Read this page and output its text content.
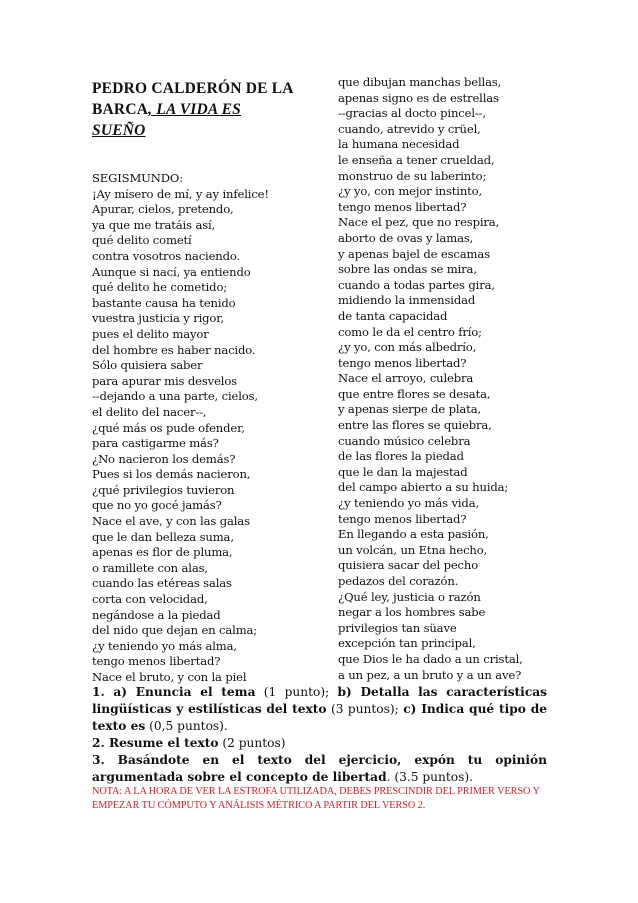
PEDRO CALDERÓN DE LA
BARCA, LA VIDA ES
SUEÑO
SEGISMUNDO:
¡Ay mísero de mí, y ay infelice!
Apurar, cielos, pretendo,
ya que me tratáis así,
qué delito cometí
contra vosotros naciendo.
Aunque si nací, ya entiendo
qué delito he cometido;
bastante causa ha tenido
vuestra justicia y rigor,
pues el delito mayor
del hombre es haber nacido.
Sólo quisiera saber
para apurar mis desvelos
--dejando a una parte, cielos,
el delito del nacer--,
¿qué más os pude ofender,
para castigarme más?
¿No nacieron los demás?
Pues si los demás nacieron,
¿qué privilegios tuvieron
que no yo gocé jamás?
Nace el ave, y con las galas
que le dan belleza suma,
apenas es flor de pluma,
o ramillete con alas,
cuando las etéreas salas
corta con velocidad,
negándose a la piedad
del nido que dejan en calma;
¿y teniendo yo más alma,
tengo menos libertad?
Nace el bruto, y con la piel
que dibujan manchas bellas,
apenas signo es de estrellas
--gracias al docto pincel--,
cuando, atrevido y crüel,
la humana necesidad
le enseña a tener crueldad,
monstruo de su laberinto;
¿y yo, con mejor instinto,
tengo menos libertad?
Nace el pez, que no respira,
aborto de ovas y lamas,
y apenas bajel de escamas
sobre las ondas se mira,
cuando a todas partes gira,
midiendo la inmensidad
de tanta capacidad
como le da el centro frío;
¿y yo, con más albedrío,
tengo menos libertad?
Nace el arroyo, culebra
que entre flores se desata,
y apenas sierpe de plata,
entre las flores se quiebra,
cuando músico celebra
de las flores la piedad
que le dan la majestad
del campo abierto a su huida;
¿y teniendo yo más vida,
tengo menos libertad?
En llegando a esta pasión,
un volcán, un Etna hecho,
quisiera sacar del pecho
pedazos del corazón.
¿Qué ley, justicia o razón
negar a los hombres sabe
privilegios tan süave
excepción tan principal,
que Dios le ha dado a un cristal,
a un pez, a un bruto y a un ave?

1. a) Enuncia el tema (1 punto); b) Detalla las características lingüísticas y estilísticas del texto (3 puntos); c) Indica qué tipo de texto es (0,5 puntos).

2. Resume el texto (2 puntos)

3. Basándote en el texto del ejercicio, expón tu opinión argumentada sobre el concepto de libertad. (3.5 puntos).

NOTA: A LA HORA DE VER LA ESTROFA UTILIZADA, DEBES PRESCINDIR DEL PRIMER VERSO Y EMPEZAR TU CÓMPUTO Y ANÁLISIS MÉTRICO A PARTIR DEL VERSO 2.
